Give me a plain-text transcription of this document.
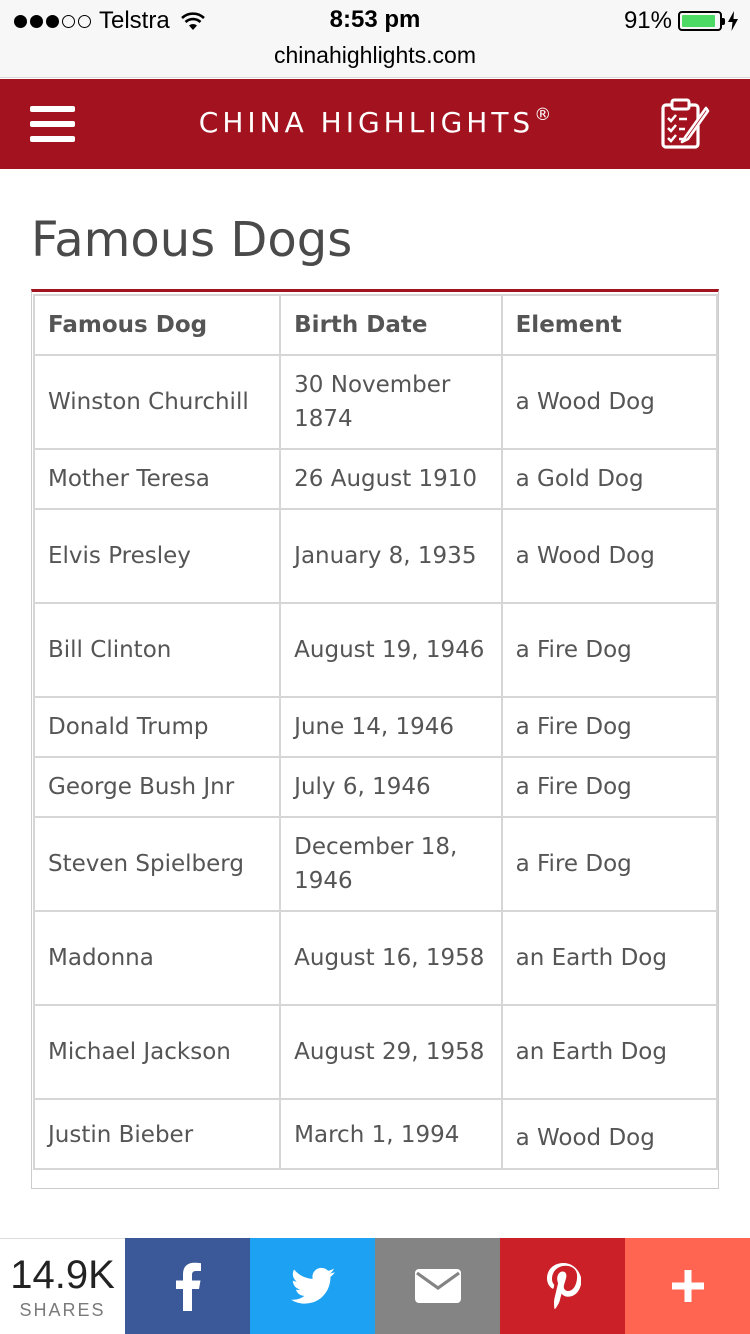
Telstra	8:53 pm	91%
chinahighlights.com
CHINA HIGHLIGHTS®
Famous Dogs
Famous Dog	Birth Date	Element
Winston Churchill	30 November 1874	a Wood Dog
Mother Teresa	26 August 1910	a Gold Dog
Elvis Presley	January 8, 1935	a Wood Dog
Bill Clinton	August 19, 1946	a Fire Dog
Donald Trump	June 14, 1946	a Fire Dog
George Bush Jnr	July 6, 1946	a Fire Dog
Steven Spielberg	December 18, 1946	a Fire Dog
Madonna	August 16, 1958	an Earth Dog
Michael Jackson	August 29, 1958	an Earth Dog
Justin Bieber	March 1, 1994	a Wood Dog
14.9K
SHARES
